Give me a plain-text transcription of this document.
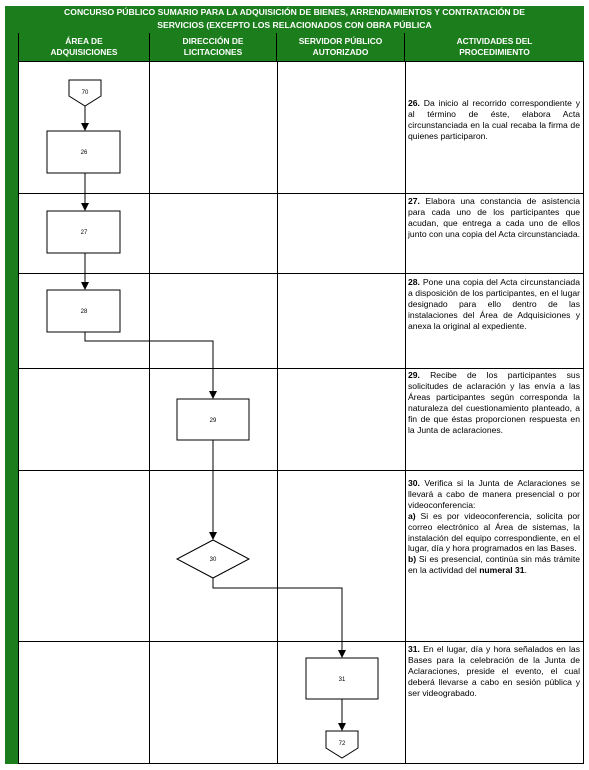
CONCURSO PÚBLICO SUMARIO PARA LA ADQUISICIÓN DE BIENES, ARRENDAMIENTOS Y CONTRATACIÓN DE
SERVICIOS (EXCEPTO LOS RELACIONADOS CON OBRA PÚBLICA
ÁREA DE
ADQUISICIONES
DIRECCIÓN DE
LICITACIONES
SERVIDOR PÚBLICO
AUTORIZADO
ACTIVIDADES DEL
PROCEDIMIENTO
70
26
27
28
29
30
31
72
26. Da inicio al recorrido correspondiente y al término de éste, elabora Acta circunstanciada en la cual recaba la firma de quienes participaron.
27. Elabora una constancia de asistencia para cada uno de los participantes que acudan, que entrega a cada uno de ellos junto con una copia del Acta circunstanciada.
28. Pone una copia del Acta circunstanciada a disposición de los participantes, en el lugar designado para ello dentro de las instalaciones del Área de Adquisiciones y anexa la original al expediente.
29. Recibe de los participantes sus solicitudes de aclaración y las envía a las Áreas participantes según corresponda la naturaleza del cuestionamiento planteado, a fin de que éstas proporcionen respuesta en la Junta de aclaraciones.
30. Verifica si la Junta de Aclaraciones se llevará a cabo de manera presencial o por videoconferencia:
a) Si es por videoconferencia, solicita por correo electrónico al Área de sistemas, la instalación del equipo correspondiente, en el lugar, día y hora programados en las Bases.
b) Si es presencial, continúa sin más trámite en la actividad del numeral 31.
31. En el lugar, día y hora señalados en las Bases para la celebración de la Junta de Aclaraciones, preside el evento, el cual deberá llevarse a cabo en sesión pública y ser videograbado.
